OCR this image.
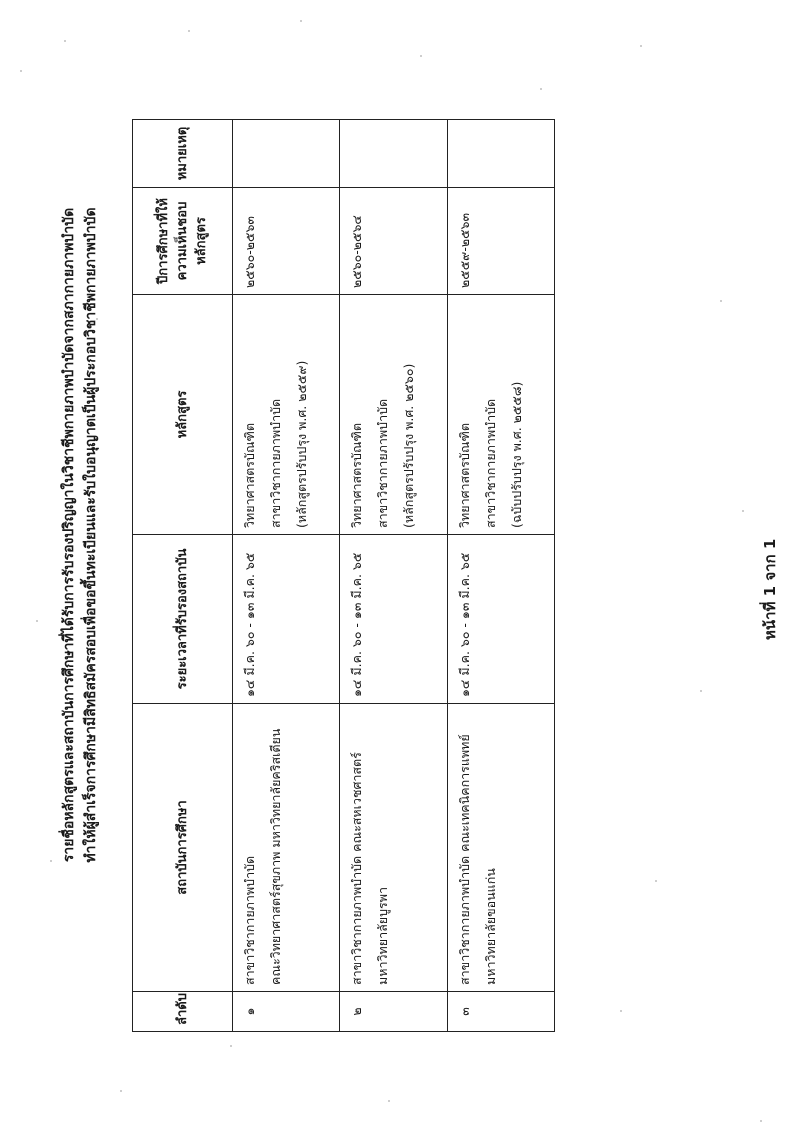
รายชื่อหลักสูตรและสถาบันการศึกษาที่ได้รับการรับรองปริญญาในวิชาชีพกายภาพบำบัดจากสภากายภาพบำบัด ทำให้ผู้สำเร็จการศึกษามีสิทธิสมัครสอบเพื่อขอขึ้นทะเบียนและรับใบอนุญาตเป็นผู้ประกอบวิชาชีพกายภาพบำบัด
ลำดับ	สถาบันการศึกษา	ระยะเวลาที่รับรองสถาบัน	หลักสูตร	ปีการศึกษาที่ให้ ความเห็นชอบ หลักสูตร	หมายเหตุ
๑	สาขาวิชากายภาพบำบัด คณะวิทยาศาสตร์สุขภาพ มหาวิทยาลัยคริสเตียน	๑๔ มี.ค. ๖๐ - ๑๓ มี.ค. ๖๕	วิทยาศาสตรบัณฑิต สาขาวิชากายภาพบำบัด (หลักสูตรปรับปรุง พ.ศ. ๒๕๕๙)	๒๕๖๐-๒๕๖๓	
๒	สาขาวิชากายภาพบำบัด คณะสหเวชศาสตร์ มหาวิทยาลัยบูรพา	๑๔ มี.ค. ๖๐ - ๑๓ มี.ค. ๖๕	วิทยาศาสตรบัณฑิต สาขาวิชากายภาพบำบัด (หลักสูตรปรับปรุง พ.ศ. ๒๕๖๐)	๒๕๖๐-๒๕๖๔	
๓	สาขาวิชากายภาพบำบัด คณะเทคนิคการแพทย์ มหาวิทยาลัยขอนแก่น	๑๔ มี.ค. ๖๐ - ๑๓ มี.ค. ๖๕	วิทยาศาสตรบัณฑิต สาขาวิชากายภาพบำบัด (ฉบับปรับปรุง พ.ศ. ๒๕๕๘)	๒๕๕๙-๒๕๖๓	
หน้าที่ 1 จาก 1
